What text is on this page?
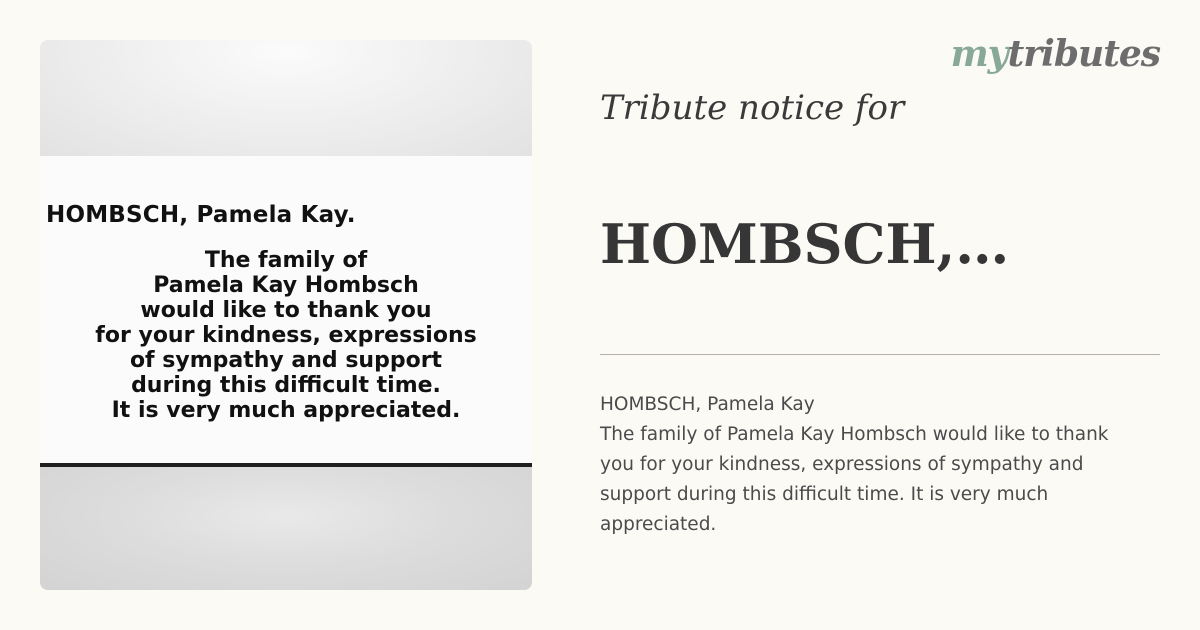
HOMBSCH, Pamela Kay.

The family of
Pamela Kay Hombsch
would like to thank you
for your kindness, expressions
of sympathy and support
during this difficult time.
It is very much appreciated.
mytributes

Tribute notice for

HOMBSCH,…
HOMBSCH, Pamela Kay
The family of Pamela Kay Hombsch would like to thank
you for your kindness, expressions of sympathy and
support during this difficult time. It is very much
appreciated.
